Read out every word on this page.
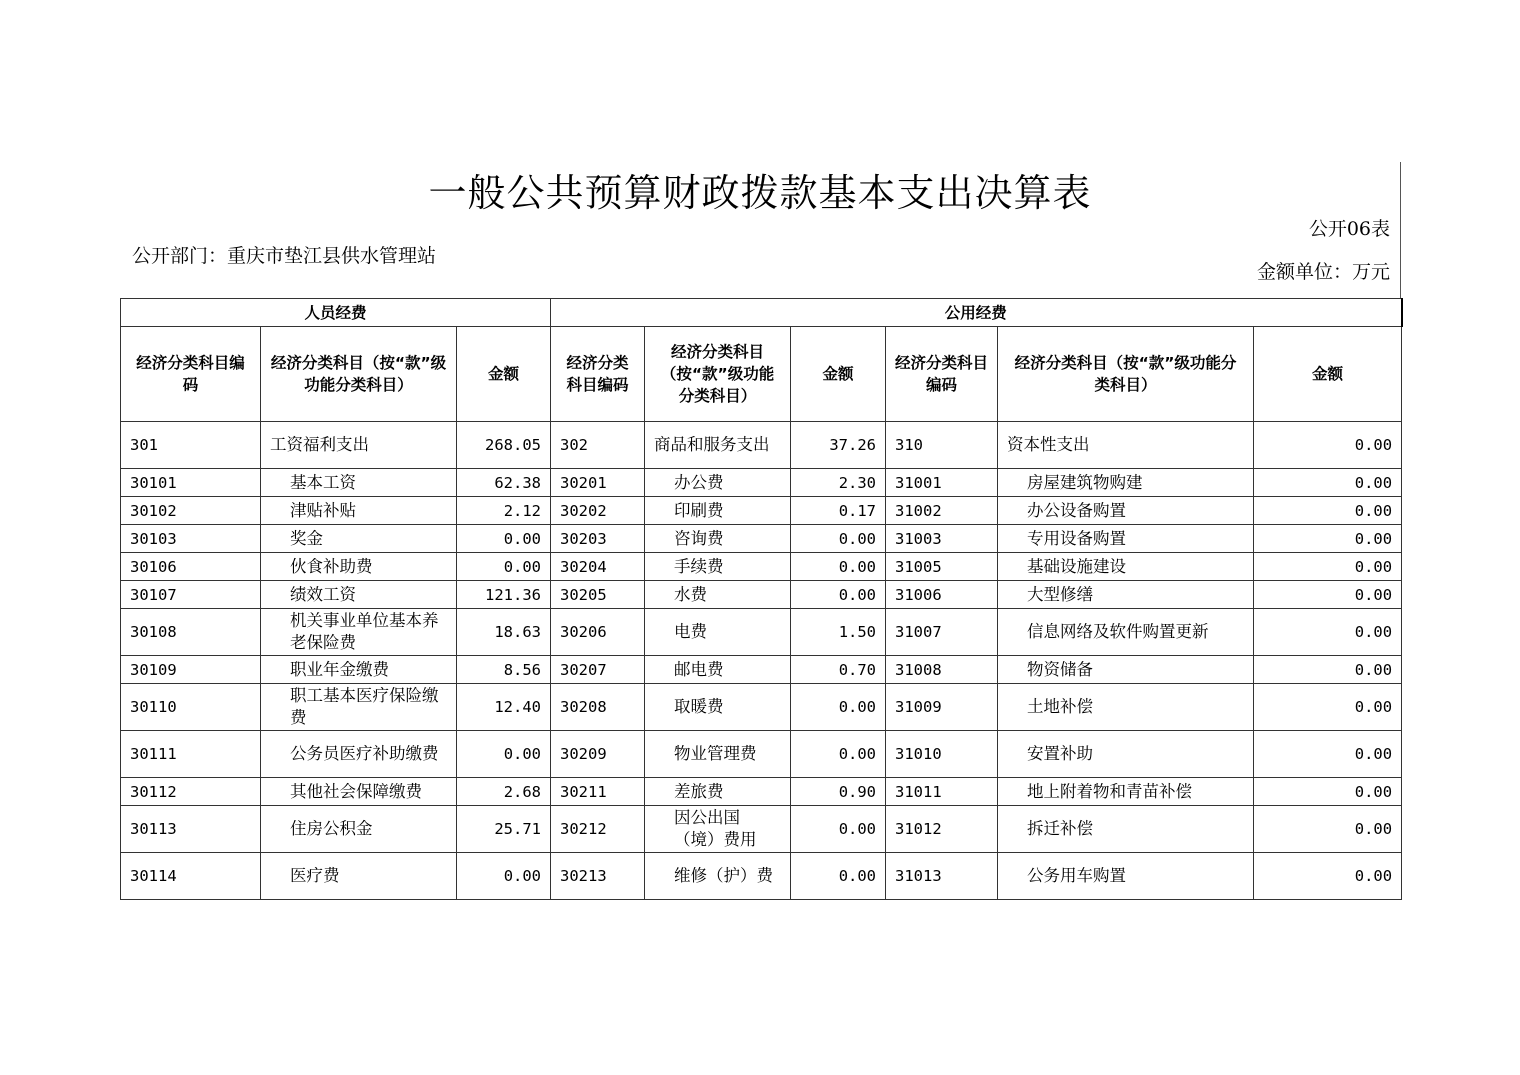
一般公共预算财政拨款基本支出决算表
公开06表
公开部门：重庆市垫江县供水管理站
金额单位：万元
人员经费			公用经费					
经济分类科目编码	经济分类科目（按“款”级功能分类科目）	金额	经济分类科目编码	经济分类科目（按“款”级功能分类科目）	金额	经济分类科目编码	经济分类科目（按“款”级功能分类科目）	金额
301	工资福利支出	268.05	302	商品和服务支出	37.26	310	资本性支出	0.00
30101	基本工资	62.38	30201	办公费	2.30	31001	房屋建筑物购建	0.00
30102	津贴补贴	2.12	30202	印刷费	0.17	31002	办公设备购置	0.00
30103	奖金	0.00	30203	咨询费	0.00	31003	专用设备购置	0.00
30106	伙食补助费	0.00	30204	手续费	0.00	31005	基础设施建设	0.00
30107	绩效工资	121.36	30205	水费	0.00	31006	大型修缮	0.00
30108	机关事业单位基本养老保险费	18.63	30206	电费	1.50	31007	信息网络及软件购置更新	0.00
30109	职业年金缴费	8.56	30207	邮电费	0.70	31008	物资储备	0.00
30110	职工基本医疗保险缴费	12.40	30208	取暖费	0.00	31009	土地补偿	0.00
30111	公务员医疗补助缴费	0.00	30209	物业管理费	0.00	31010	安置补助	0.00
30112	其他社会保障缴费	2.68	30211	差旅费	0.90	31011	地上附着物和青苗补偿	0.00
30113	住房公积金	25.71	30212	因公出国（境）费用	0.00	31012	拆迁补偿	0.00
30114	医疗费	0.00	30213	维修（护）费	0.00	31013	公务用车购置	0.00
